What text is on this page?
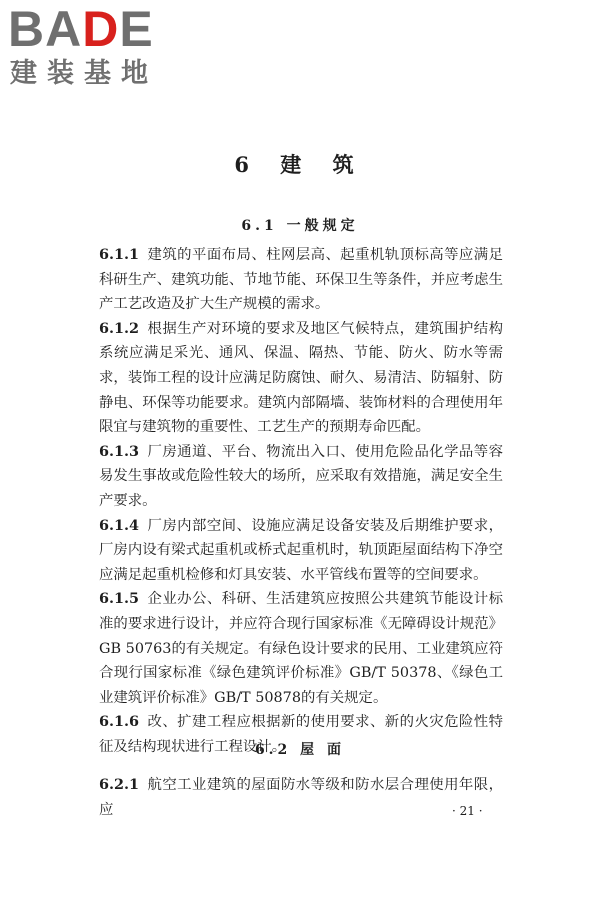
BADE
建装基地
6 建 筑
6.1 一般规定

6.1.1 建筑的平面布局、柱网层高、起重机轨顶标高等应满足科研生产、建筑功能、节地节能、环保卫生等条件，并应考虑生产工艺改造及扩大生产规模的需求。

6.1.2 根据生产对环境的要求及地区气候特点，建筑围护结构系统应满足采光、通风、保温、隔热、节能、防火、防水等需求，装饰工程的设计应满足防腐蚀、耐久、易清洁、防辐射、防静电、环保等功能要求。建筑内部隔墙、装饰材料的合理使用年限宜与建筑物的重要性、工艺生产的预期寿命匹配。

6.1.3 厂房通道、平台、物流出入口、使用危险品化学品等容易发生事故或危险性较大的场所，应采取有效措施，满足安全生产要求。

6.1.4 厂房内部空间、设施应满足设备安装及后期维护要求，厂房内设有梁式起重机或桥式起重机时，轨顶距屋面结构下净空应满足起重机检修和灯具安装、水平管线布置等的空间要求。

6.1.5 企业办公、科研、生活建筑应按照公共建筑节能设计标准的要求进行设计，并应符合现行国家标准《无障碍设计规范》GB 50763的有关规定。有绿色设计要求的民用、工业建筑应符合现行国家标准《绿色建筑评价标准》GB/T 50378、《绿色工业建筑评价标准》GB/T 50878的有关规定。

6.1.6 改、扩建工程应根据新的使用要求、新的火灾危险性特征及结构现状进行工程设计。

6.2 屋 面

6.2.1 航空工业建筑的屋面防水等级和防水层合理使用年限，应	· 21 ·
